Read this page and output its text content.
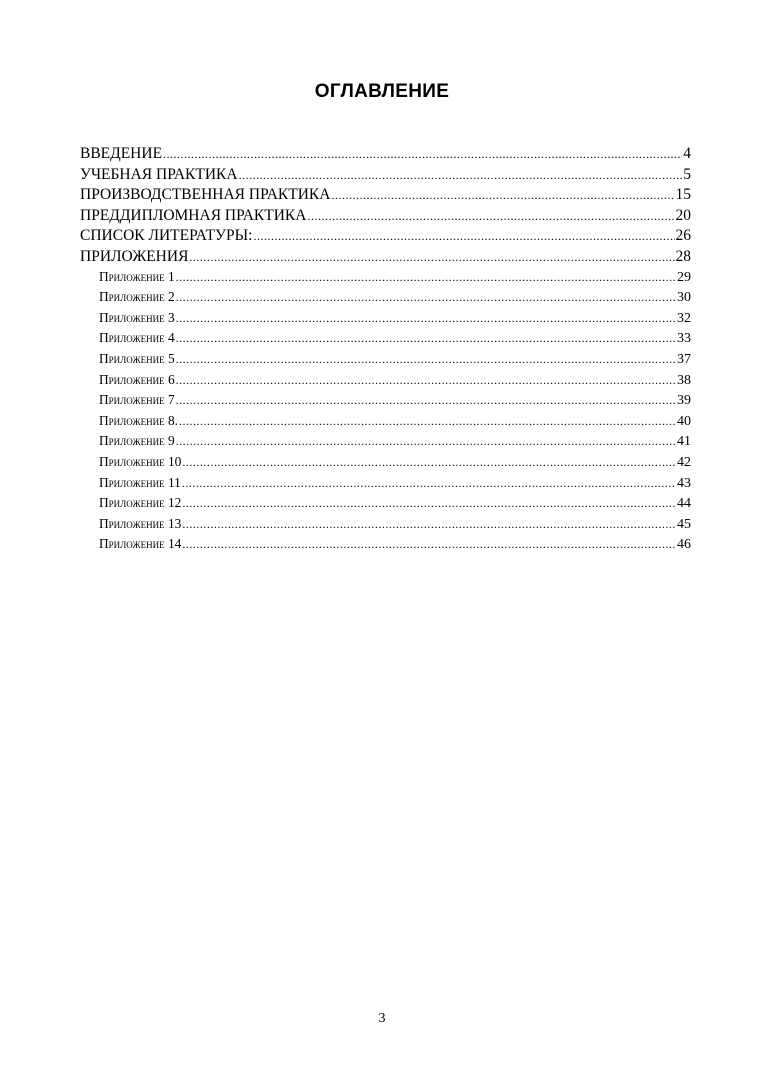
ОГЛАВЛЕНИЕ
ВВЕДЕНИЕ .....	4
УЧЕБНАЯ ПРАКТИКА .....	5
ПРОИЗВОДСТВЕННАЯ ПРАКТИКА .....	15
ПРЕДДИПЛОМНАЯ ПРАКТИКА .....	20
СПИСОК ЛИТЕРАТУРЫ: .....	26
ПРИЛОЖЕНИЯ .....	28
Приложение 1 .....	29
Приложение 2 .....	30
Приложение 3 .....	32
Приложение 4 .....	33
Приложение 5 .....	37
Приложение 6 .....	38
Приложение 7 .....	39
Приложение 8. .....	40
Приложение 9 .....	41
Приложение 10 .....	42
Приложение 11 .....	43
Приложение 12 .....	44
Приложение 13 .....	45
Приложение 14 .....	46
3
